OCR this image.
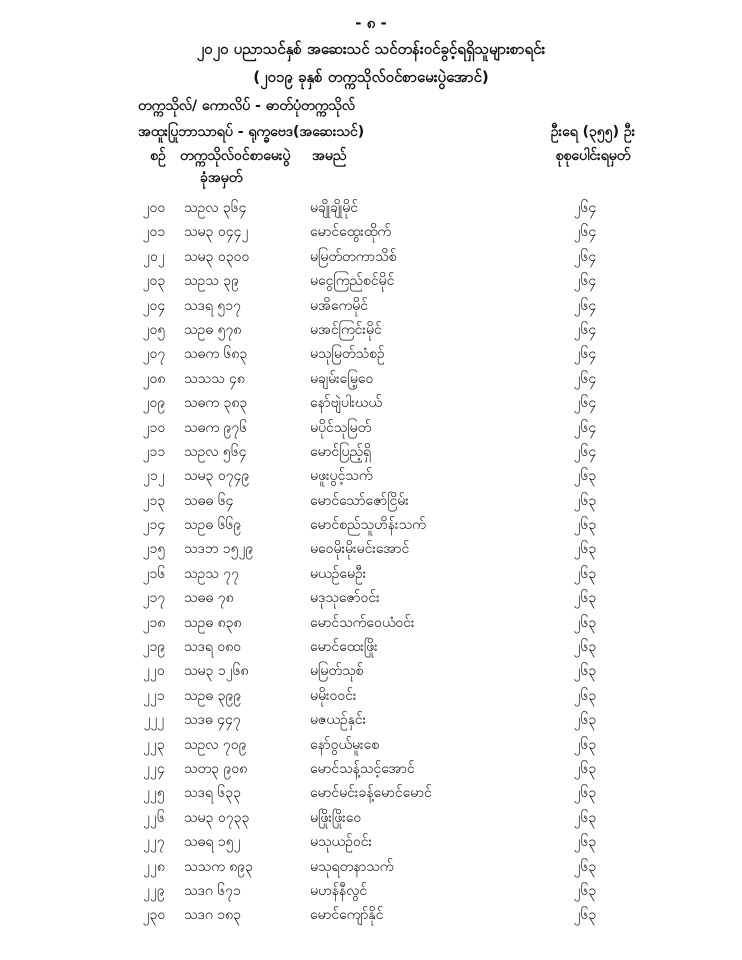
- ၈ -
၂၀၂၀ ပညာသင်နှစ် အဆေးသင် သင်တန်းဝင်ခွင့်ရရှိသူများစာရင်း
(၂၀၁၉ ခုနှစ် တက္ကသိုလ်ဝင်စာမေးပွဲအောင်)
တက္ကသိုလ်/ ကောလိပ် - ဓာတ်ပုံတက္ကသိုလ်
အထူးပြုဘာသာရပ် - ရုက္ခဗေဒ(အဆေးသင်)	ဦးရေ (၃၅၅) ဦး
စဉ်	တက္ကသိုလ်ဝင်စာမေးပွဲ
ခုံအမှတ်
အမည်	စုစုပေါင်းရမှတ်
၂၀၀	သဥလ ၃၆၄	မချိုချိုမိုင်	၂၆၄
၂၀၁	သမ၃ ၀၄၄၂	မောင်ထွေးထိုက်	၂၆၄
၂၀၂	သမ၃ ၀၃၀၀	မမြတ်တကာသိစ်	၂၆၄
၂၀၃	သဥသ ၃၉	မငွေကြည်စင်မိုင်	၂၆၄
၂၀၄	သဒရ ၅၁၇	မအိကေမိုင်	၂၆၄
၂၀၅	သဥဓ ၅၇၈	မအင်ကြင်းမိုင်	၂၆၄
၂၀၇	သဓက ၆၈၃	မသုမြတ်သံစဉ်	၂၆၄
၂၀၈	သသသ ၄၈	မချမ်းမြေ့ဝေ	၂၆၄
၂၀၉	သဓက ၃၈၃	နော်ဗျဲပါးဃယ်	၂၆၄
၂၁၀	သဓက ၉၇၆	မပိုင်သုမြတ်	၂၆၄
၂၁၁	သဥလ ၅၆၄	မောင်ပြည့်ရှိ	၂၆၄
၂၁၂	သမ၃ ၀၇၄၉	မဖူးပွင့်သက်	၂၆၃
၂၁၃	သဓဓ ၆၄	မောင်သော်ဇော်ငြိမ်း	၂၆၃
၂၁၄	သဥဓ ၆၆၉	မောင်စည်သူဟိန်းသက်	၂၆၃
၂၁၅	သဒဘ ၁၅၂၉	မဝေမိုးမိုးမင်းအောင်	၂၆၃
၂၁၆	သဥသ ၇၇	မယဉ်မေဦး	၂၆၃
၂၁၇	သဓဓ ၇၈	မဒုသုဇော်ဝင်း	၂၆၃
၂၁၈	သဥဓ ၈၃၈	မောင်သက်ဝေယံဝင်း	၂၆၃
၂၁၉	သဒရ ၀၈၀	မောင်ထေးဖြိုး	၂၆၃
၂၂၀	သမ၃ ၁၂၆၈	မမြတ်သုစ်	၂၆၃
၂၂၁	သဥဓ ၃၉၉	မမိုးဝဝင်း	၂၆၃
၂၂၂	သဒဓ ၄၄၇	မဇယဉ်နှင်း	၂၆၃
၂၂၃	သဥလ ၇၀၉	နော်ဝွယ်မူးစေ	၂၆၃
၂၂၄	သတ၃ ၉၀၈	မောင်သန့်သင့်အောင်	၂၆၃
၂၂၅	သဒရ ၆၃၃	မောင်မင်းခန့်မောင်မောင်	၂၆၃
၂၂၆	သမ၃ ၀၇၃၃	မဖြိုးဖြိုးဝေ	၂၆၃
၂၂၇	သဓရ ၁၅၂	မသုယဉ်ဝင်း	၂၆၃
၂၂၈	သသက ၈၉၃	မသုရတနာသက်	၂၆၃
၂၂၉	သဒဂ ၆၇၁	မဟန်နီလွင်	၂၆၃
၂၃၀	သဒဂ ၁၈၃	မောင်ကျော်နိုင်	၂၆၃
